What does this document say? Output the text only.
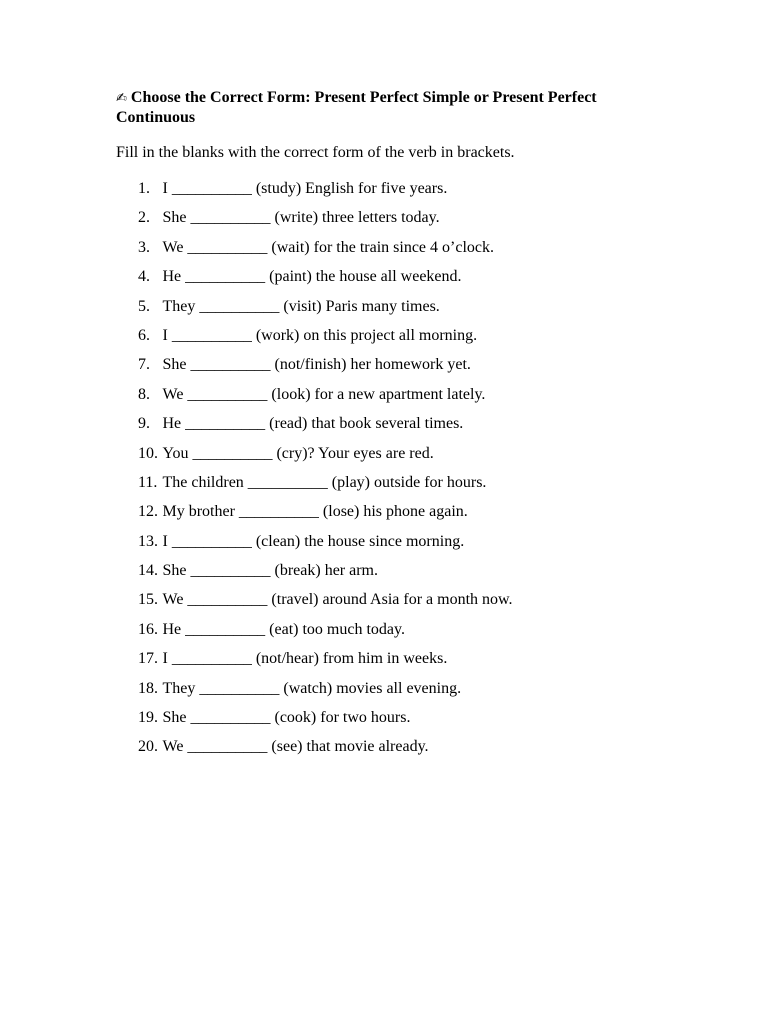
✍ Choose the Correct Form: Present Perfect Simple or Present Perfect Continuous
Fill in the blanks with the correct form of the verb in brackets.
1. I __________ (study) English for five years.
2. She __________ (write) three letters today.
3. We __________ (wait) for the train since 4 o’clock.
4. He __________ (paint) the house all weekend.
5. They __________ (visit) Paris many times.
6. I __________ (work) on this project all morning.
7. She __________ (not/finish) her homework yet.
8. We __________ (look) for a new apartment lately.
9. He __________ (read) that book several times.
10. You __________ (cry)? Your eyes are red.
11. The children __________ (play) outside for hours.
12. My brother __________ (lose) his phone again.
13. I __________ (clean) the house since morning.
14. She __________ (break) her arm.
15. We __________ (travel) around Asia for a month now.
16. He __________ (eat) too much today.
17. I __________ (not/hear) from him in weeks.
18. They __________ (watch) movies all evening.
19. She __________ (cook) for two hours.
20. We __________ (see) that movie already.
